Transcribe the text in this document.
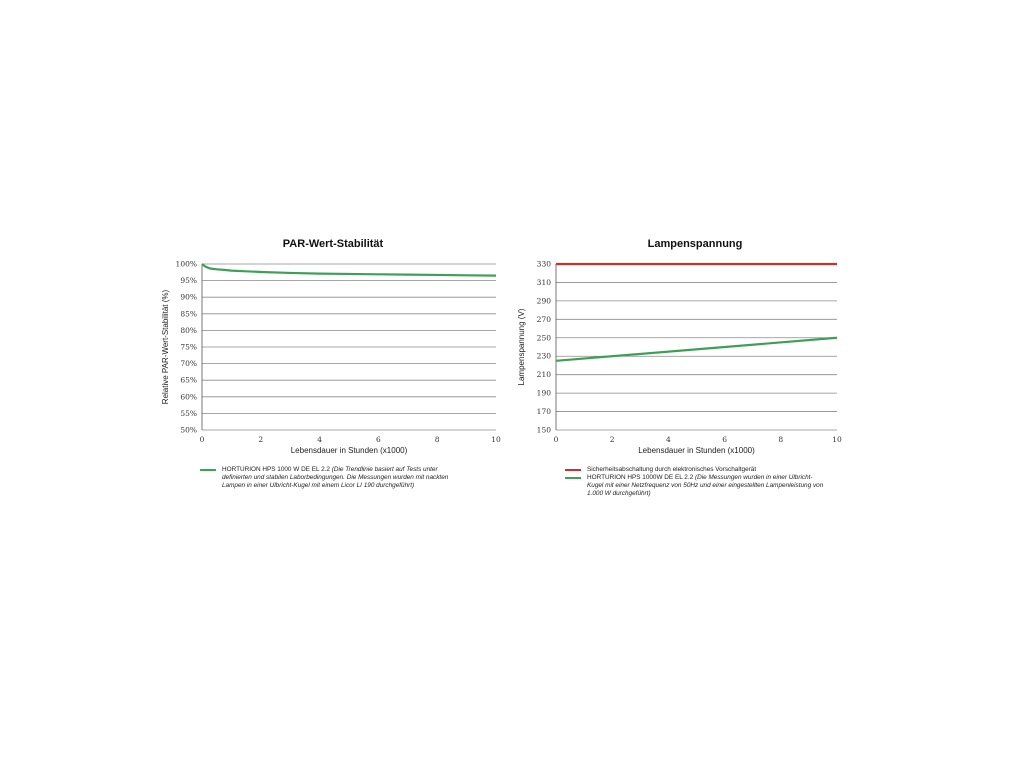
PAR-Wert-Stabilität
50%
55%
60%
65%
70%
75%
80%
85%
90%
95%
100%
0	2	4	6	8	10
Lebensdauer in Stunden (x1000)
Relative PAR-Wert-Stabilität (%)
HORTURION HPS 1000 W DE EL 2.2 (Die Trendlinie basiert auf Tests unter definierten und stabilen Laborbedingungen. Die Messungen wurden mit nackten Lampen in einer Ulbricht-Kugel mit einem Licor LI 190 durchgeführt)
Lampenspannung
150
170
190
210
230
250
270
290
310
330
0	2	4	6	8	10
Lebensdauer in Stunden (x1000)
Lampenspannung (V)
Sicherheitsabschaltung durch elektronisches Vorschaltgerät
HORTURION HPS 1000W DE EL 2.2 (Die Messungen wurden in einer Ulbricht-Kugel mit einer Netzfrequenz von 50Hz und einer eingestellten Lampenleistung von 1.000 W durchgeführt)
